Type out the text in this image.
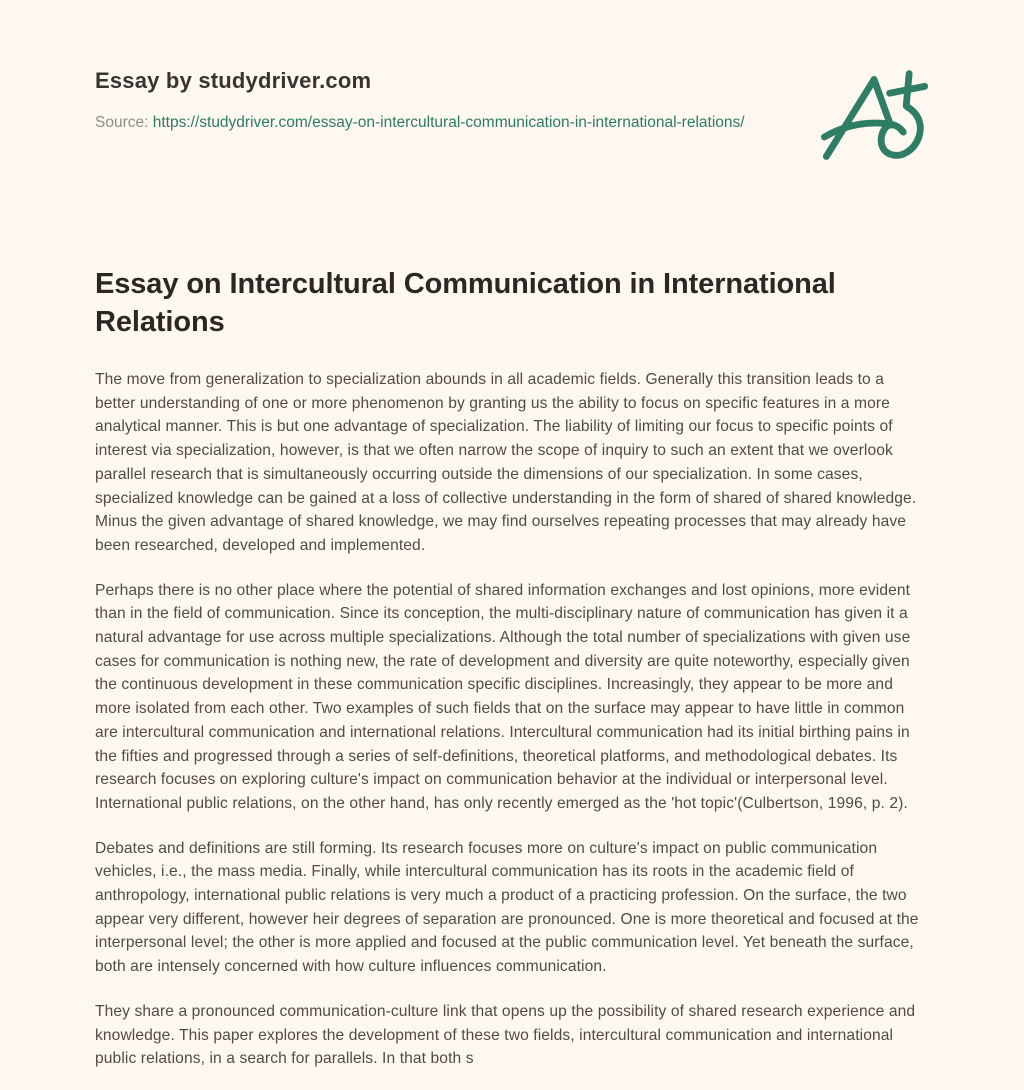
Essay by studydriver.com
Source: https://studydriver.com/essay-on-intercultural-communication-in-international-relations/
Essay on Intercultural Communication in International Relations

The move from generalization to specialization abounds in all academic fields. Generally this transition leads to a better understanding of one or more phenomenon by granting us the ability to focus on specific features in a more analytical manner. This is but one advantage of specialization. The liability of limiting our focus to specific points of interest via specialization, however, is that we often narrow the scope of inquiry to such an extent that we overlook parallel research that is simultaneously occurring outside the dimensions of our specialization. In some cases, specialized knowledge can be gained at a loss of collective understanding in the form of shared of shared knowledge. Minus the given advantage of shared knowledge, we may find ourselves repeating processes that may already have been researched, developed and implemented.

Perhaps there is no other place where the potential of shared information exchanges and lost opinions, more evident than in the field of communication. Since its conception, the multi-disciplinary nature of communication has given it a natural advantage for use across multiple specializations. Although the total number of specializations with given use cases for communication is nothing new, the rate of development and diversity are quite noteworthy, especially given the continuous development in these communication specific disciplines. Increasingly, they appear to be more and more isolated from each other. Two examples of such fields that on the surface may appear to have little in common are intercultural communication and international relations. Intercultural communication had its initial birthing pains in the fifties and progressed through a series of self-definitions, theoretical platforms, and methodological debates. Its research focuses on exploring culture's impact on communication behavior at the individual or interpersonal level. International public relations, on the other hand, has only recently emerged as the 'hot topic'(Culbertson, 1996, p. 2).

Debates and definitions are still forming. Its research focuses more on culture's impact on public communication vehicles, i.e., the mass media. Finally, while intercultural communication has its roots in the academic field of anthropology, international public relations is very much a product of a practicing profession. On the surface, the two appear very different, however heir degrees of separation are pronounced. One is more theoretical and focused at the interpersonal level; the other is more applied and focused at the public communication level. Yet beneath the surface, both are intensely concerned with how culture influences communication.

They share a pronounced communication-culture link that opens up the possibility of shared research experience and knowledge. This paper explores the development of these two fields, intercultural communication and international public relations, in a search for parallels. In that both s
